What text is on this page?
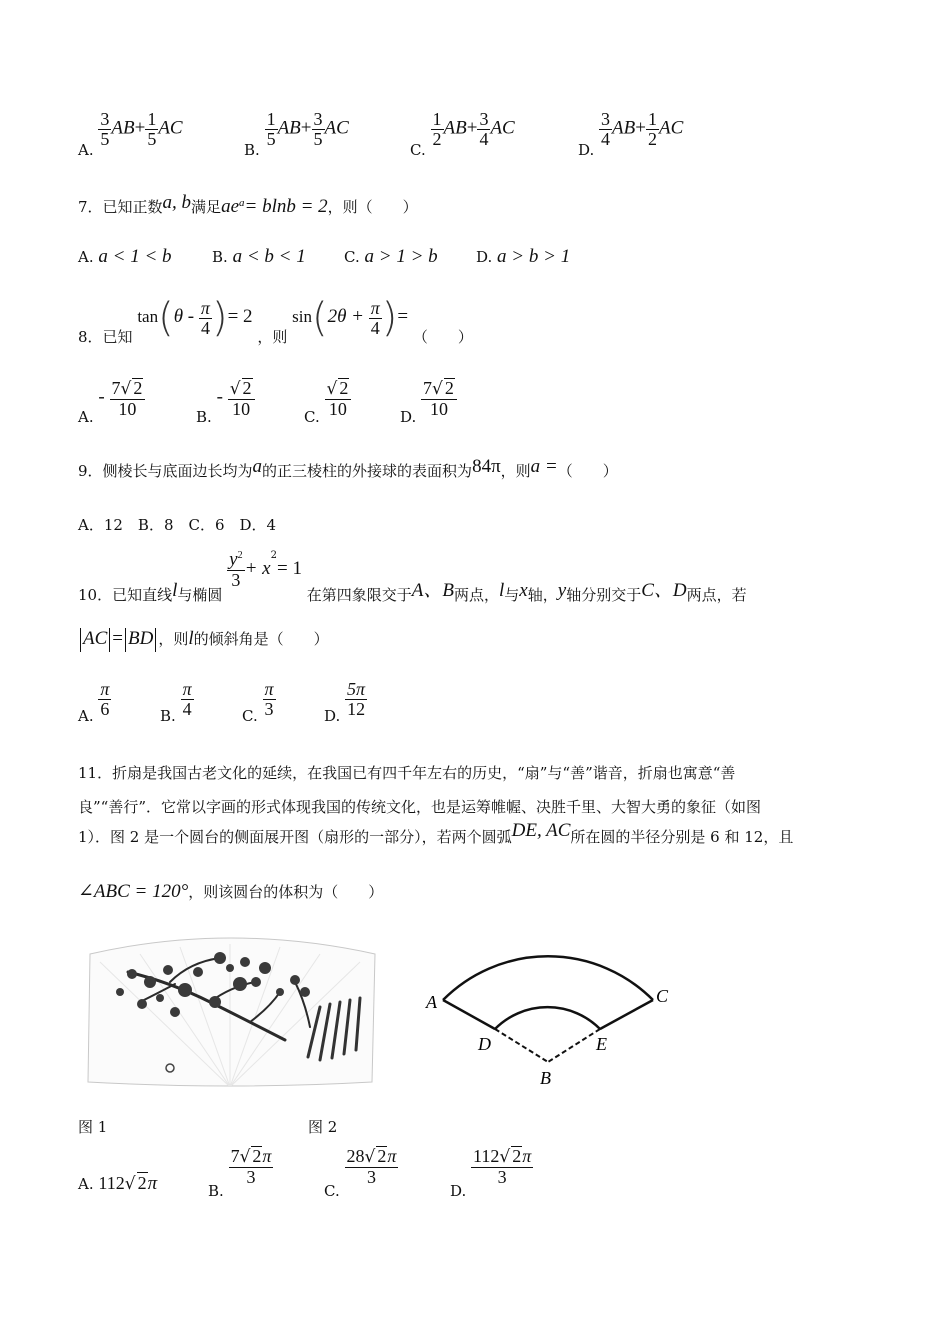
A.
$\frac{3}{5} AB+ \frac{1}{5}$ AC
B.
$\frac{1}{5} AB+ \frac{3}{5}$ AC
C.
$\frac{1}{2} AB+ \frac{3}{4}$ AC
D.
$\frac{3}{4} AB+ \frac{1}{2}$ AC
7．已知正数a, b满足$ae^a= blnb = 2$，则（　　）
A. a < 1 < b	B. a < b < 1	C. a > 1 > b	D. a > b > 1
8．已知 $\tan(\theta - \frac{\pi}{4}$ )= 2 ，则 $\sin(2\theta + \frac{\pi}{4}$ )= （　　）
A. - $\frac{7√ 2}{10}$	B. - $\frac{√ 2}{10}$	C. $\frac{√ 2}{10}$	D. $\frac{7√ 2}{10}$
9．侧棱长与底面边长均为a的正三棱柱的外接球的表面积为84π，则a =（　　）
A．12　B．8　C．6　D．4
10．已知直线l与椭圆
$\frac{y^2}{3} + x^2= 1$ 在第四象限交于A、B两点，l与x轴，y轴分别交于C、D两点，若
AC = BD ，则l的倾斜角是（　　）
A. $\frac{\pi}{6}$	B. $\frac{\pi}{4}$	C. $\frac{\pi}{3}$	D. $\frac{5\pi}{12}$
11．折扇是我国古老文化的延续，在我国已有四千年左右的历史，“扇”与“善”谐音，折扇也寓意“善
良”“善行”．它常以字画的形式体现我国的传统文化，也是运筹帷幄、决胜千里、大智大勇的象征（如图
1）．图 2 是一个圆台的侧面展开图（扇形的一部分），若两个圆弧DE, AC所在圆的半径分别是 6 和 12，且
∠ABC = 120°，则该圆台的体积为（　　）
A	C
D	E
B
图 1	图 2
A. 112√ 2π	B.
$\frac{7√ 2\pi}{3}$
C.
$\frac{28√ 2\pi}{3}$
D.
$\frac{112√ 2\pi}{3}$
